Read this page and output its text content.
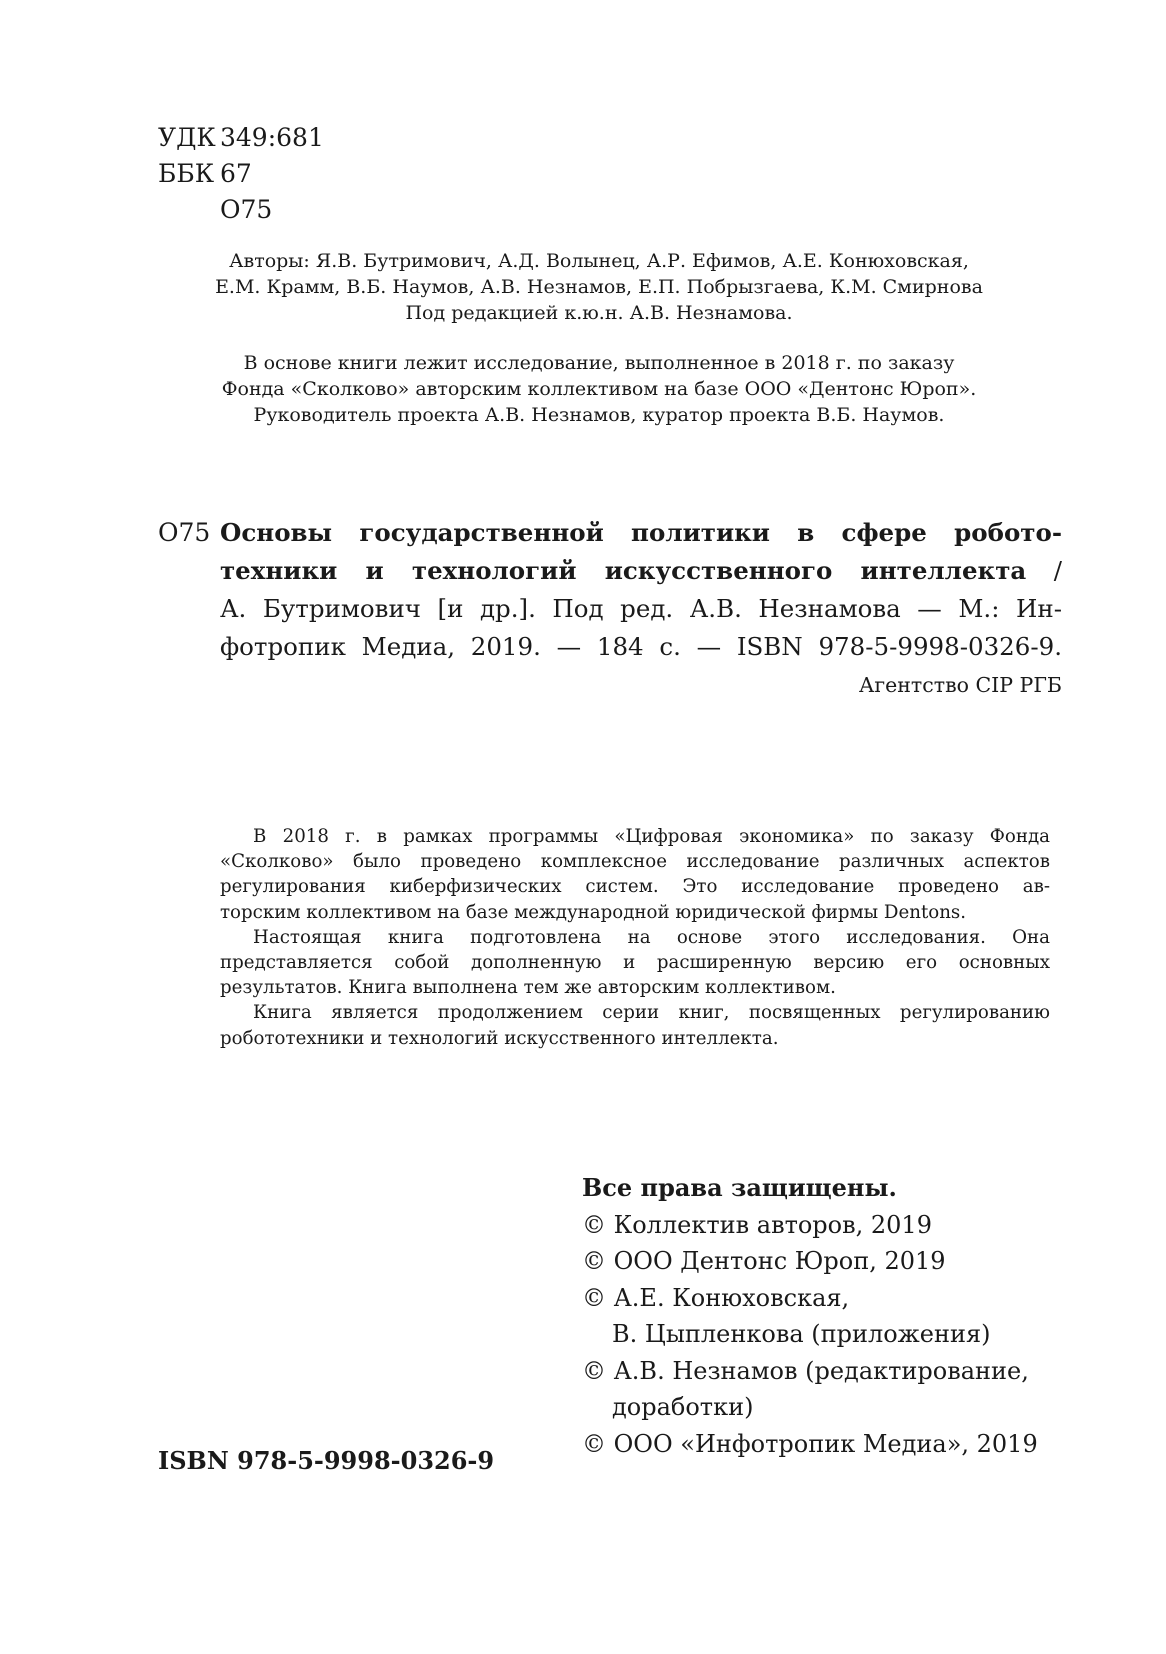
УДК 349:681
ББК 67
О75
Авторы: Я.В. Бутримович, А.Д. Волынец, А.Р. Ефимов, А.Е. Конюховская,
Е.М. Крамм, В.Б. Наумов, А.В. Незнамов, Е.П. Побрызгаева, К.М. Смирнова
Под редакцией к.ю.н. А.В. Незнамова.
В основе книги лежит исследование, выполненное в 2018 г. по заказу
Фонда «Сколково» авторским коллективом на базе ООО «Дентонс Юроп».
Руководитель проекта А.В. Незнамов, куратор проекта В.Б. Наумов.
О75 Основы государственной политики в сфере робото-
техники и технологий искусственного интеллекта /
А. Бутримович [и др.]. Под ред. А.В. Незнамова — М.: Ин-
фотропик Медиа, 2019. — 184 с. — ISBN 978-5-9998-0326-9.
Агентство CIP РГБ
В 2018 г. в рамках программы «Цифровая экономика» по заказу Фонда
«Сколково» было проведено комплексное исследование различных аспектов
регулирования киберфизических систем. Это исследование проведено ав-
торским коллективом на базе международной юридической фирмы Dentons.
Настоящая книга подготовлена на основе этого исследования. Она
представляется собой дополненную и расширенную версию его основных
результатов. Книга выполнена тем же авторским коллективом.
Книга является продолжением серии книг, посвященных регулированию
робототехники и технологий искусственного интеллекта.
Все права защищены.
© Коллектив авторов, 2019
© ООО Дентонс Юроп, 2019
© А.Е. Конюховская,
В. Цыпленкова (приложения)
© А.В. Незнамов (редактирование,
доработки)
© ООО «Инфотропик Медиа», 2019
ISBN 978-5-9998-0326-9
